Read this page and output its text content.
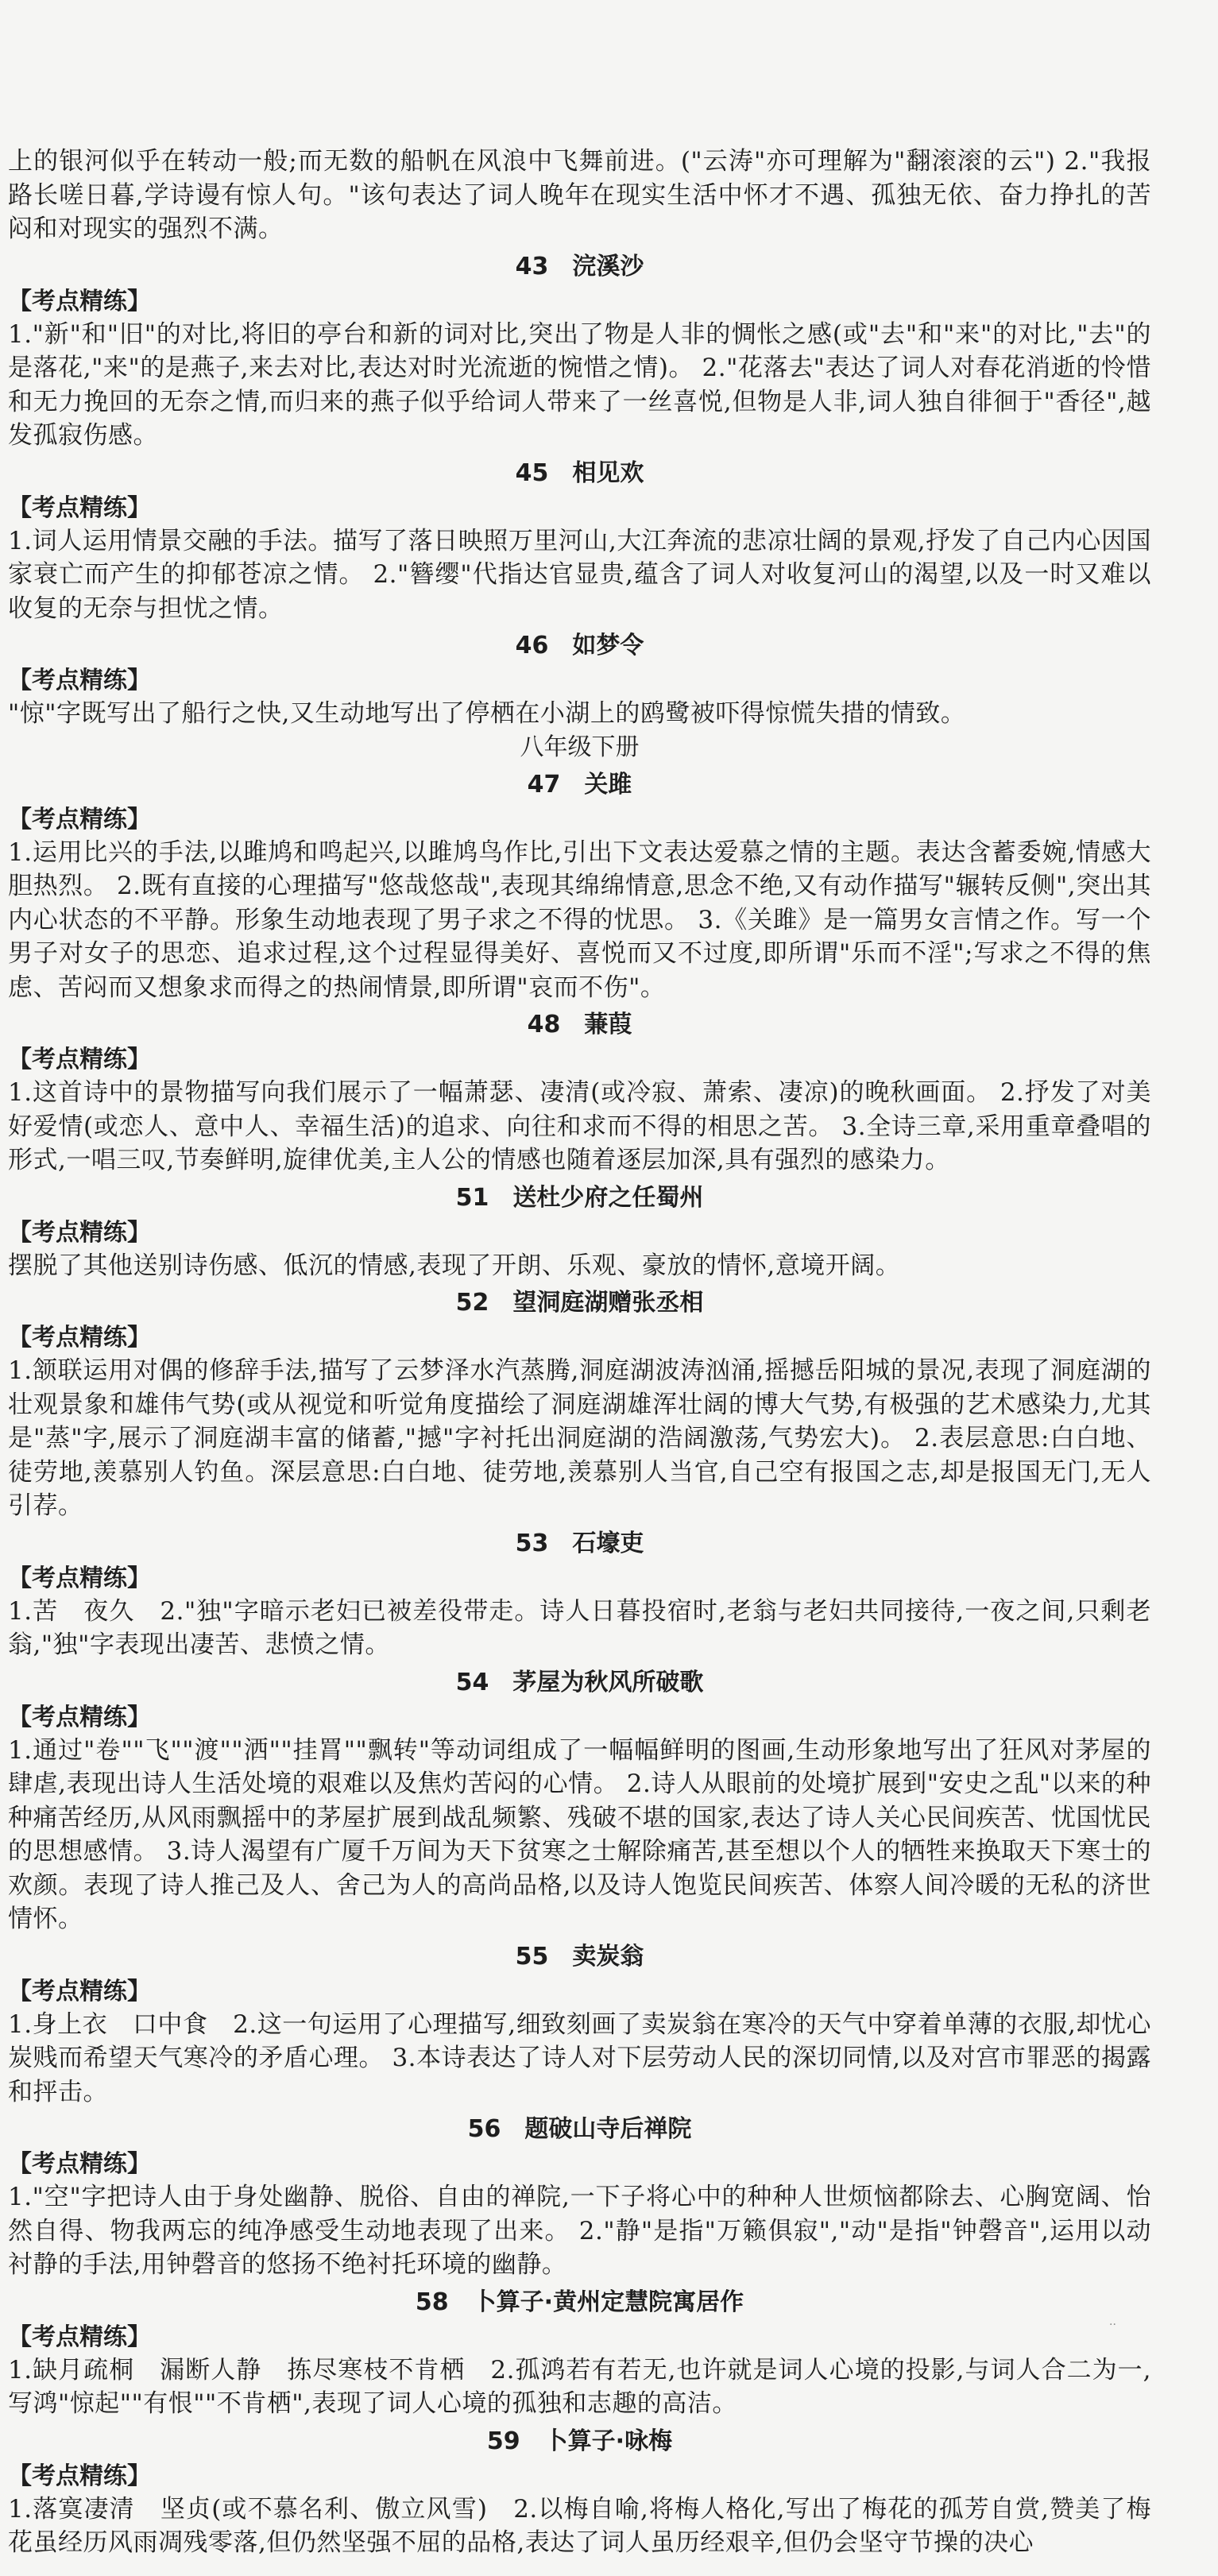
上的银河似乎在转动一般;而无数的船帆在风浪中飞舞前进。("云涛"亦可理解为"翻滚滚的云") 2."我报路长嗟日暮,学诗谩有惊人句。"该句表达了词人晚年在现实生活中怀才不遇、孤独无依、奋力挣扎的苦闷和对现实的强烈不满。

43　浣溪沙
【考点精练】

1."新"和"旧"的对比,将旧的亭台和新的词对比,突出了物是人非的惆怅之感(或"去"和"来"的对比,"去"的是落花,"来"的是燕子,来去对比,表达对时光流逝的惋惜之情)。 2."花落去"表达了词人对春花消逝的怜惜和无力挽回的无奈之情,而归来的燕子似乎给词人带来了一丝喜悦,但物是人非,词人独自徘徊于"香径",越发孤寂伤感。

45　相见欢
【考点精练】

1.词人运用情景交融的手法。描写了落日映照万里河山,大江奔流的悲凉壮阔的景观,抒发了自己内心因国家衰亡而产生的抑郁苍凉之情。 2."簪缨"代指达官显贵,蕴含了词人对收复河山的渴望,以及一时又难以收复的无奈与担忧之情。

46　如梦令
【考点精练】

"惊"字既写出了船行之快,又生动地写出了停栖在小湖上的鸥鹭被吓得惊慌失措的情致。

八年级下册
47　关雎
【考点精练】

1.运用比兴的手法,以雎鸠和鸣起兴,以雎鸠鸟作比,引出下文表达爱慕之情的主题。表达含蓄委婉,情感大胆热烈。 2.既有直接的心理描写"悠哉悠哉",表现其绵绵情意,思念不绝,又有动作描写"辗转反侧",突出其内心状态的不平静。形象生动地表现了男子求之不得的忧思。 3.《关雎》是一篇男女言情之作。写一个男子对女子的思恋、追求过程,这个过程显得美好、喜悦而又不过度,即所谓"乐而不淫";写求之不得的焦虑、苦闷而又想象求而得之的热闹情景,即所谓"哀而不伤"。

48　蒹葭
【考点精练】

1.这首诗中的景物描写向我们展示了一幅萧瑟、凄清(或冷寂、萧索、凄凉)的晚秋画面。 2.抒发了对美好爱情(或恋人、意中人、幸福生活)的追求、向往和求而不得的相思之苦。 3.全诗三章,采用重章叠唱的形式,一唱三叹,节奏鲜明,旋律优美,主人公的情感也随着逐层加深,具有强烈的感染力。

51　送杜少府之任蜀州
【考点精练】

摆脱了其他送别诗伤感、低沉的情感,表现了开朗、乐观、豪放的情怀,意境开阔。

52　望洞庭湖赠张丞相
【考点精练】

1.颔联运用对偶的修辞手法,描写了云梦泽水汽蒸腾,洞庭湖波涛汹涌,摇撼岳阳城的景况,表现了洞庭湖的壮观景象和雄伟气势(或从视觉和听觉角度描绘了洞庭湖雄浑壮阔的博大气势,有极强的艺术感染力,尤其是"蒸"字,展示了洞庭湖丰富的储蓄,"撼"字衬托出洞庭湖的浩阔激荡,气势宏大)。 2.表层意思:白白地、徒劳地,羡慕别人钓鱼。深层意思:白白地、徒劳地,羡慕别人当官,自己空有报国之志,却是报国无门,无人引荐。

53　石壕吏
【考点精练】

1.苦　夜久　2."独"字暗示老妇已被差役带走。诗人日暮投宿时,老翁与老妇共同接待,一夜之间,只剩老翁,"独"字表现出凄苦、悲愤之情。

54　茅屋为秋风所破歌
【考点精练】

1.通过"卷""飞""渡""洒""挂罥""飘转"等动词组成了一幅幅鲜明的图画,生动形象地写出了狂风对茅屋的肆虐,表现出诗人生活处境的艰难以及焦灼苦闷的心情。 2.诗人从眼前的处境扩展到"安史之乱"以来的种种痛苦经历,从风雨飘摇中的茅屋扩展到战乱频繁、残破不堪的国家,表达了诗人关心民间疾苦、忧国忧民的思想感情。 3.诗人渴望有广厦千万间为天下贫寒之士解除痛苦,甚至想以个人的牺牲来换取天下寒士的欢颜。表现了诗人推己及人、舍己为人的高尚品格,以及诗人饱览民间疾苦、体察人间冷暖的无私的济世情怀。

55　卖炭翁
【考点精练】

1.身上衣　口中食　2.这一句运用了心理描写,细致刻画了卖炭翁在寒冷的天气中穿着单薄的衣服,却忧心炭贱而希望天气寒冷的矛盾心理。 3.本诗表达了诗人对下层劳动人民的深切同情,以及对宫市罪恶的揭露和抨击。

56　题破山寺后禅院
【考点精练】

1."空"字把诗人由于身处幽静、脱俗、自由的禅院,一下子将心中的种种人世烦恼都除去、心胸宽阔、怡然自得、物我两忘的纯净感受生动地表现了出来。 2."静"是指"万籁俱寂","动"是指"钟磬音",运用以动衬静的手法,用钟磬音的悠扬不绝衬托环境的幽静。

58　卜算子·黄州定慧院寓居作
【考点精练】

1.缺月疏桐　漏断人静　拣尽寒枝不肯栖　2.孤鸿若有若无,也许就是词人心境的投影,与词人合二为一,写鸿"惊起""有恨""不肯栖",表现了词人心境的孤独和志趣的高洁。

59　卜算子·咏梅
【考点精练】

1.落寞凄清　坚贞(或不慕名利、傲立风雪)　2.以梅自喻,将梅人格化,写出了梅花的孤芳自赏,赞美了梅花虽经历风雨凋残零落,但仍然坚强不屈的品格,表达了词人虽历经艰辛,但仍会坚守节操的决心

··
